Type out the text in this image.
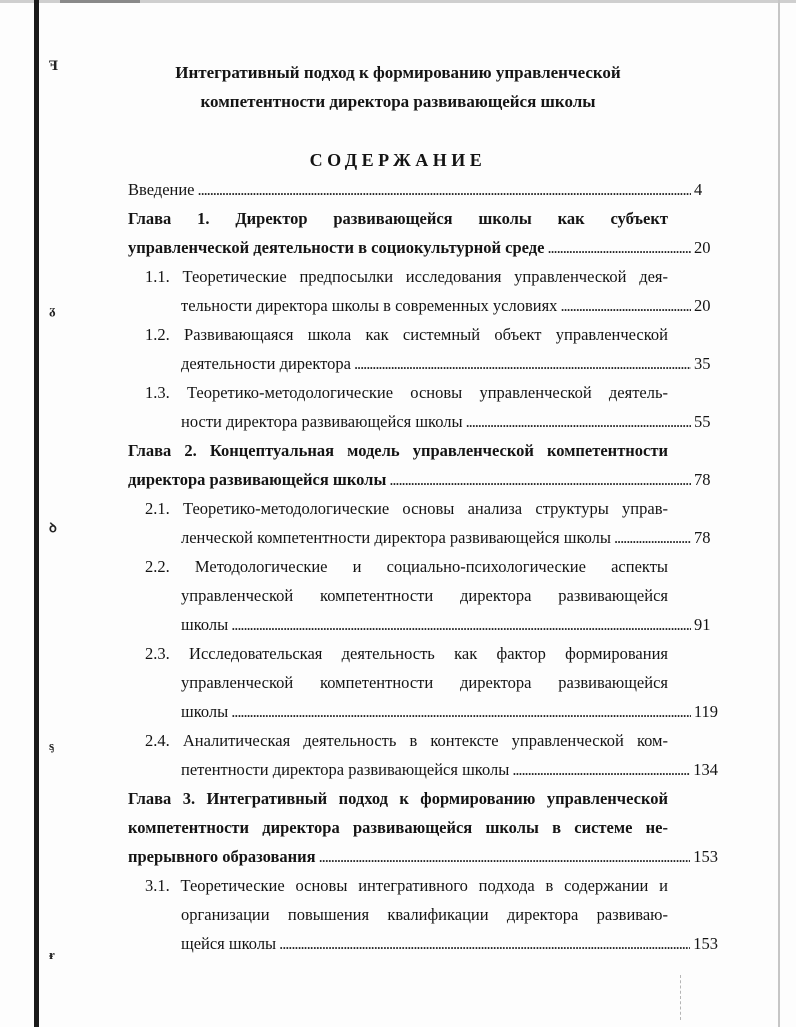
ꟻ
ᵹ
ꝺ
ᶊ
ᵲ
Интегративный подход к формированию управленческой
компетентности директора развивающейся школы
СОДЕРЖАНИЕ
Введение . . .	4
Глава 1. Директор развивающейся школы как субъект
управленческой деятельности в социокультурной среде . . .	20
1.1. Теоретические предпосылки исследования управленческой дея-
тельности директора школы в современных условиях . . .	20
1.2. Развивающаяся школа как системный объект управленческой
деятельности директора . . .	35
1.3. Теоретико-методологические основы управленческой деятель-
ности директора развивающейся школы . . .	55
Глава 2. Концептуальная модель управленческой компетентности
директора развивающейся школы . . .	78
2.1. Теоретико-методологические основы анализа структуры управ-
ленческой компетентности директора развивающейся школы . . .	78
2.2. Методологические и социально-психологические аспекты
управленческой компетентности директора развивающейся
школы . . .	91
2.3. Исследовательская деятельность как фактор формирования
управленческой компетентности директора развивающейся
школы . . .	119
2.4. Аналитическая деятельность в контексте управленческой ком-
петентности директора развивающейся школы . . .	134
Глава 3. Интегративный подход к формированию управленческой
компетентности директора развивающейся школы в системе не-
прерывного образования . . .	153
3.1. Теоретические основы интегративного подхода в содержании и
организации повышения квалификации директора развиваю-
щейся школы . . .	153
